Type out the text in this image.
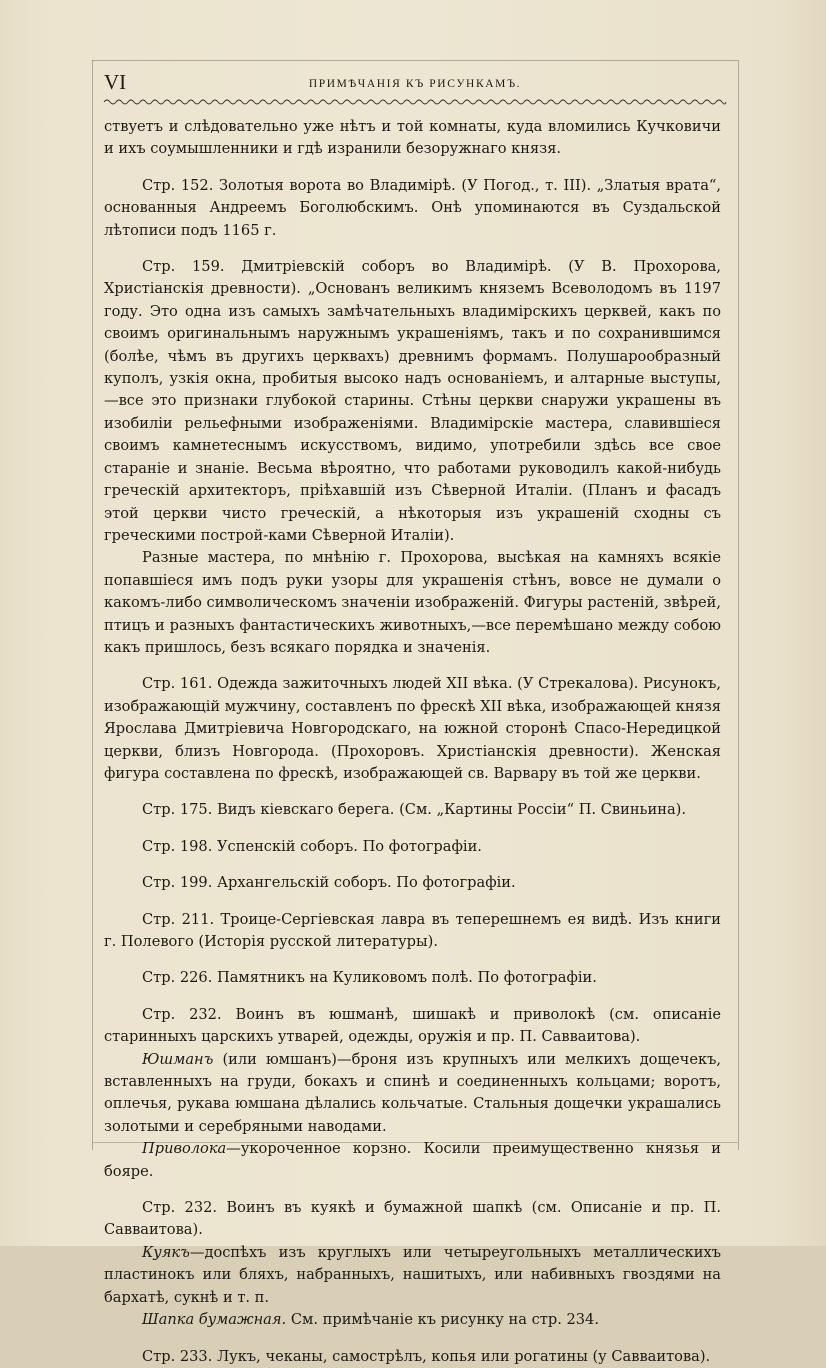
VI	ПРИМѢЧАНІЯ КЪ РИСУНКАМЪ.

ствуетъ и слѣдовательно уже нѣтъ и той комнаты, куда вломились Кучковичи и ихъ соумышленники и гдѣ изранили безоружнаго князя.

Стр. 152. Золотыя ворота во Владимірѣ. (У Погод., т. III). „Златыя врата“, основанныя Андреемъ Боголюбскимъ. Онѣ упоминаются въ Суздальской лѣтописи подъ 1165 г.

Стр. 159. Дмитріевскій соборъ во Владимірѣ. (У В. Прохорова, Христіанскія древности). „Основанъ великимъ княземъ Всеволодомъ въ 1197 году. Это одна изъ самыхъ замѣчательныхъ владимірскихъ церквей, какъ по своимъ оригинальнымъ наружнымъ украшеніямъ, такъ и по сохранившимся (болѣе, чѣмъ въ другихъ церквахъ) древнимъ формамъ. Полушарообразный куполъ, узкія окна, пробитыя высоко надъ основаніемъ, и алтарные выступы,—все это признаки глубокой старины. Стѣны церкви снаружи украшены въ изобиліи рельефными изображеніями. Владимірскіе мастера, славившіеся своимъ камнетеснымъ искусствомъ, видимо, употребили здѣсь все свое стараніе и знаніе. Весьма вѣроятно, что работами руководилъ какой-нибудь греческій архитекторъ, пріѣхавшій изъ Сѣверной Италіи. (Планъ и фасадъ этой церкви чисто греческій, а нѣкоторыя изъ украшеній сходны съ греческими построй-ками Сѣверной Италіи).

Разные мастера, по мнѣнію г. Прохорова, высѣкая на камняхъ всякіе попавшіеся имъ подъ руки узоры для украшенія стѣнъ, вовсе не думали о какомъ-либо символическомъ значеніи изображеній. Фигуры растеній, звѣрей, птицъ и разныхъ фантастическихъ животныхъ,—все перемѣшано между собою какъ пришлось, безъ всякаго порядка и значенія.

Стр. 161. Одежда зажиточныхъ людей XII вѣка. (У Стрекалова). Рисунокъ, изображающій мужчину, составленъ по фрескѣ XII вѣка, изображающей князя Ярослава Дмитріевича Новгородскаго, на южной сторонѣ Спасо-Нередицкой церкви, близъ Новгорода. (Прохоровъ. Христіанскія древности). Женская фигура составлена по фрескѣ, изображающей св. Варвару въ той же церкви.

Стр. 175. Видъ кіевскаго берега. (См. „Картины Россіи“ П. Свиньина).

Стр. 198. Успенскій соборъ. По фотографіи.

Стр. 199. Архангельскій соборъ. По фотографіи.

Стр. 211. Троице-Сергіевская лавра въ теперешнемъ ея видѣ. Изъ книги г. Полевого (Исторія русской литературы).

Стр. 226. Памятникъ на Куликовомъ полѣ. По фотографіи.

Стр. 232. Воинъ въ юшманѣ, шишакѣ и приволокѣ (см. описаніе старинныхъ царскихъ утварей, одежды, оружія и пр. П. Савваитова).

Юшманъ (или юмшанъ)—броня изъ крупныхъ или мелкихъ дощечекъ, вставленныхъ на груди, бокахъ и спинѣ и соединенныхъ кольцами; воротъ, оплечья, рукава юмшана дѣлались кольчатые. Стальныя дощечки украшались золотыми и серебряными наводами.

Приволока—укороченное корзно. Косили преимущественно князья и бояре.

Стр. 232. Воинъ въ куякѣ и бумажной шапкѣ (см. Описаніе и пр. П. Савваитова).

Куякъ—доспѣхъ изъ круглыхъ или четыреугольныхъ металлическихъ пластинокъ или бляхъ, набранныхъ, нашитыхъ, или набивныхъ гвоздями на бархатѣ, сукнѣ и т. п.

Шапка бумажная. См. примѣчаніе къ рисунку на стр. 234.

Стр. 233. Лукъ, чеканы, самострѣлъ, копья или рогатины (у Савваитова).
